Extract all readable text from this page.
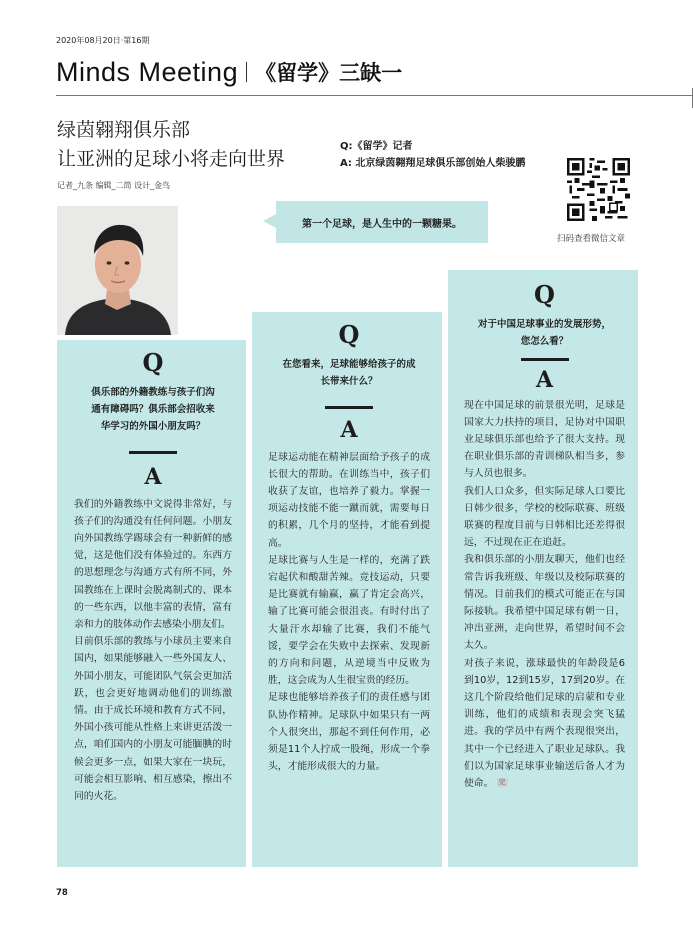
2020年08月20日·第16期
Minds Meeting 《留学》三缺一
绿茵翱翔俱乐部
让亚洲的足球小将走向世界
记者_九条 编辑_二筒 设计_金鸟
Q:《留学》记者
A: 北京绿茵翱翔足球俱乐部创始人柴骏鹏
扫码查看微信文章
第一个足球，是人生中的一颗糖果。
Q
俱乐部的外籍教练与孩子们沟通有障碍吗？俱乐部会招收来华学习的外国小朋友吗？
A
我们的外籍教练中文说得非常好，与孩子们的沟通没有任何问题。小朋友向外国教练学踢球会有一种新鲜的感觉，这是他们没有体验过的。东西方的思想理念与沟通方式有所不同，外国教练在上课时会脱离制式的、课本的一些东西，以他丰富的表情，富有亲和力的肢体动作去感染小朋友们。
目前俱乐部的教练与小球员主要来自国内，如果能够融入一些外国友人、外国小朋友，可能团队气氛会更加活跃，也会更好地调动他们的训练激情。由于成长环境和教育方式不同，外国小孩可能从性格上来讲更活泼一点，咱们国内的小朋友可能腼腆的时候会更多一点，如果大家在一块玩，可能会相互影响、相互感染，擦出不同的火花。
Q
在您看来，足球能够给孩子的成长带来什么？
A
足球运动能在精神层面给予孩子的成长很大的帮助。在训练当中，孩子们收获了友谊，也培养了毅力。掌握一项运动技能不能一蹴而就，需要每日的积累，几个月的坚持，才能看到提高。
足球比赛与人生是一样的，充满了跌宕起伏和酸甜苦辣。竞技运动，只要是比赛就有输赢，赢了肯定会高兴，输了比赛可能会很沮丧。有时付出了大量汗水却输了比赛，我们不能气馁，要学会在失败中去探索、发现新的方向和问题，从逆境当中反败为胜，这会成为人生很宝贵的经历。
足球也能够培养孩子们的责任感与团队协作精神。足球队中如果只有一两个人很突出，那起不到任何作用，必须是11个人拧成一股绳，形成一个拳头，才能形成很大的力量。
Q
对于中国足球事业的发展形势，您怎么看？
A
现在中国足球的前景很光明，足球是国家大力扶持的项目，足协对中国职业足球俱乐部也给予了很大支持。现在职业俱乐部的青训梯队相当多，参与人员也很多。
我们人口众多，但实际足球人口要比日韩少很多，学校的校际联赛、班级联赛的程度目前与日韩相比还差得很远，不过现在正在追赶。
我和俱乐部的小朋友聊天，他们也经常告诉我班级、年级以及校际联赛的情况。目前我们的模式可能正在与国际接轨。我希望中国足球有朝一日，冲出亚洲，走向世界，希望时间不会太久。
对孩子来说，涨球最快的年龄段是6到10岁，12到15岁，17到20岁。在这几个阶段给他们足球的启蒙和专业训练，他们的成绩和表现会突飞猛进。我的学员中有两个表现很突出，其中一个已经进入了职业足球队。我们以为国家足球事业输送后备人才为使命。 完
78
